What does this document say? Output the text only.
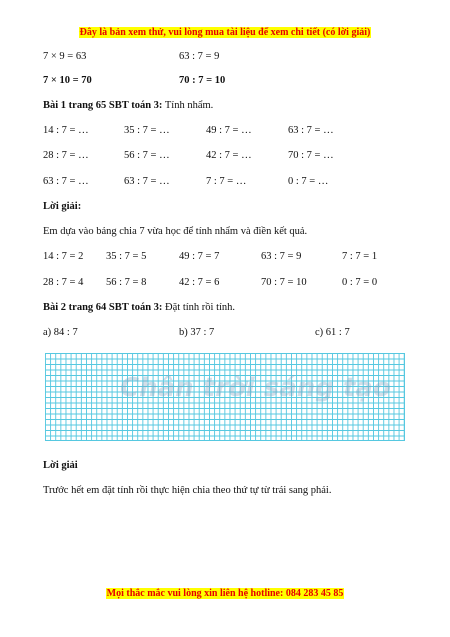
Đây là bản xem thử, vui lòng mua tài liệu để xem chi tiết (có lời giải)
7 × 9 = 63	63 : 7 = 9
7 × 10 = 70	70 : 7 = 10
Bài 1 trang 65 SBT toán 3: Tính nhẩm.
14 : 7 = …	35 : 7 = …	49 : 7 = …	63 : 7 = …
28 : 7 = …	56 : 7 = …	42 : 7 = …	70 : 7 = …
63 : 7 = …	63 : 7 = …	7 : 7 = …	0 : 7 = …
Lời giải:
Em dựa vào bảng chia 7 vừa học để tính nhẩm và điền kết quả.
14 : 7 = 2 35 : 7 = 5	49 : 7 = 7	63 : 7 = 9	7 : 7 = 1
28 : 7 = 4 56 : 7 = 8	42 : 7 = 6	70 : 7 = 10	0 : 7 = 0
Bài 2 trang 64 SBT toán 3: Đặt tính rồi tính.
a) 84 : 7	b) 37 : 7	c) 61 : 7
Chân trời sáng tạo
Lời giải
Trước hết em đặt tính rồi thực hiện chia theo thứ tự từ trái sang phải.
Mọi thắc mắc vui lòng xin liên hệ hotline: 084 283 45 85
